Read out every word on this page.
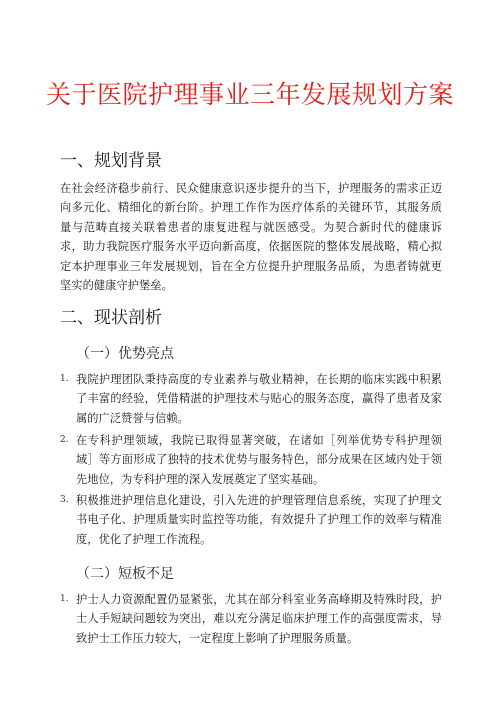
关于医院护理事业三年发展规划方案
一、规划背景
在社会经济稳步前行、民众健康意识逐步提升的当下，护理服务的需求正迈向多元化、精细化的新台阶。护理工作作为医疗体系的关键环节，其服务质量与范畴直接关联着患者的康复进程与就医感受。为契合新时代的健康诉求，助力我院医疗服务水平迈向新高度，依据医院的整体发展战略，精心拟定本护理事业三年发展规划，旨在全方位提升护理服务品质，为患者铸就更坚实的健康守护堡垒。
二、现状剖析
（一）优势亮点
1. 我院护理团队秉持高度的专业素养与敬业精神，在长期的临床实践中积累了丰富的经验，凭借精湛的护理技术与贴心的服务态度，赢得了患者及家属的广泛赞誉与信赖。
2. 在专科护理领域，我院已取得显著突破，在诸如［列举优势专科护理领域］等方面形成了独特的技术优势与服务特色，部分成果在区域内处于领先地位，为专科护理的深入发展奠定了坚实基础。
3. 积极推进护理信息化建设，引入先进的护理管理信息系统，实现了护理文书电子化、护理质量实时监控等功能，有效提升了护理工作的效率与精准度，优化了护理工作流程。
（二）短板不足
1. 护士人力资源配置仍显紧张，尤其在部分科室业务高峰期及特殊时段，护士人手短缺问题较为突出，难以充分满足临床护理工作的高强度需求，导致护士工作压力较大，一定程度上影响了护理服务质量。
